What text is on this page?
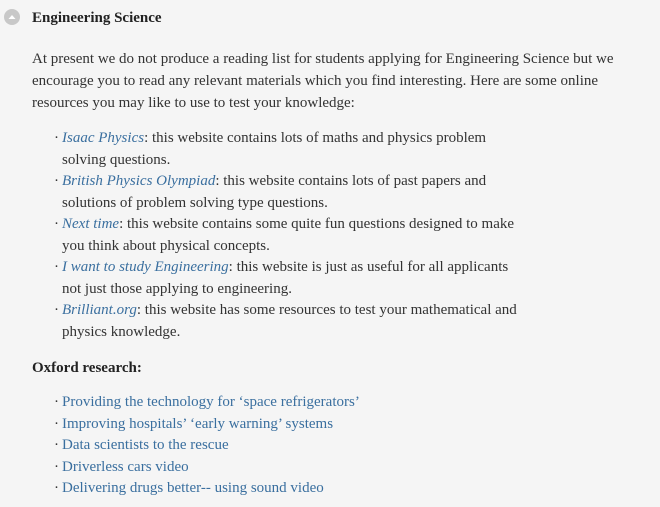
Engineering Science

At present we do not produce a reading list for students applying for Engineering Science but we
encourage you to read any relevant materials which you find interesting. Here are some online
resources you may like to use to test your knowledge:

· Isaac Physics: this website contains lots of maths and physics problem
solving questions.
· British Physics Olympiad: this website contains lots of past papers and
solutions of problem solving type questions.
· Next time: this website contains some quite fun questions designed to make
you think about physical concepts.
· I want to study Engineering: this website is just as useful for all applicants
not just those applying to engineering.
· Brilliant.org: this website has some resources to test your mathematical and
physics knowledge.
Oxford research:
· Providing the technology for ‘space refrigerators’
· Improving hospitals’ ‘early warning’ systems
· Data scientists to the rescue
· Driverless cars video
· Delivering drugs better-- using sound video
